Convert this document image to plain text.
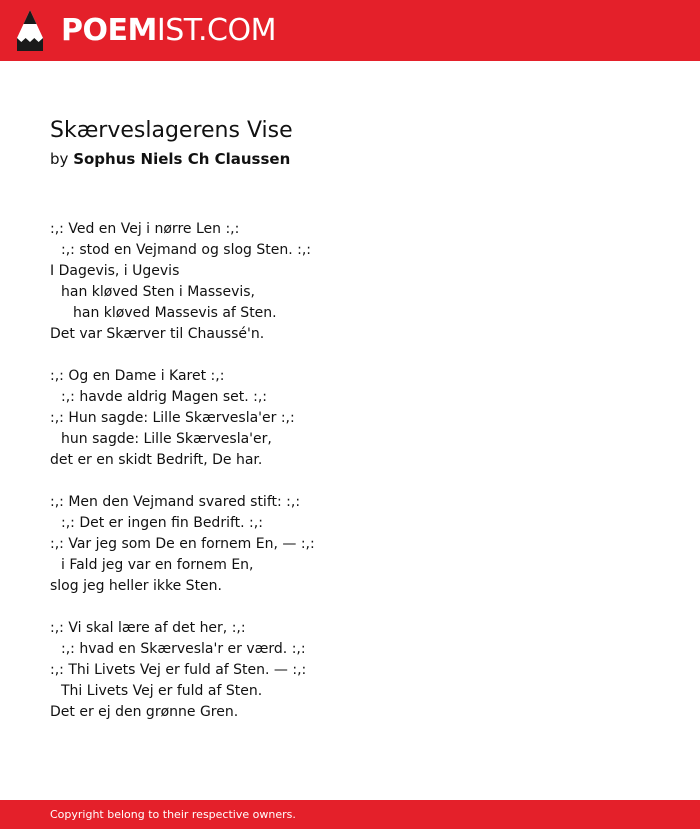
POEMIST.COM
Skærveslagerens Vise
by Sophus Niels Ch Claussen
:,: Ved en Vej i nørre Len :,:
:,: stod en Vejmand og slog Sten. :,:
I Dagevis, i Ugevis
han kløved Sten i Massevis,
han kløved Massevis af Sten.
Det var Skærver til Chaussé'n.
:,: Og en Dame i Karet :,:
:,: havde aldrig Magen set. :,:
:,: Hun sagde: Lille Skærvesla'er :,:
hun sagde: Lille Skærvesla'er,
det er en skidt Bedrift, De har.
:,: Men den Vejmand svared stift: :,:
:,: Det er ingen fin Bedrift. :,:
:,: Var jeg som De en fornem En, — :,:
i Fald jeg var en fornem En,
slog jeg heller ikke Sten.
:,: Vi skal lære af det her, :,:
:,: hvad en Skærvesla'r er værd. :,:
:,: Thi Livets Vej er fuld af Sten. — :,:
Thi Livets Vej er fuld af Sten.
Det er ej den grønne Gren.
Copyright belong to their respective owners.
